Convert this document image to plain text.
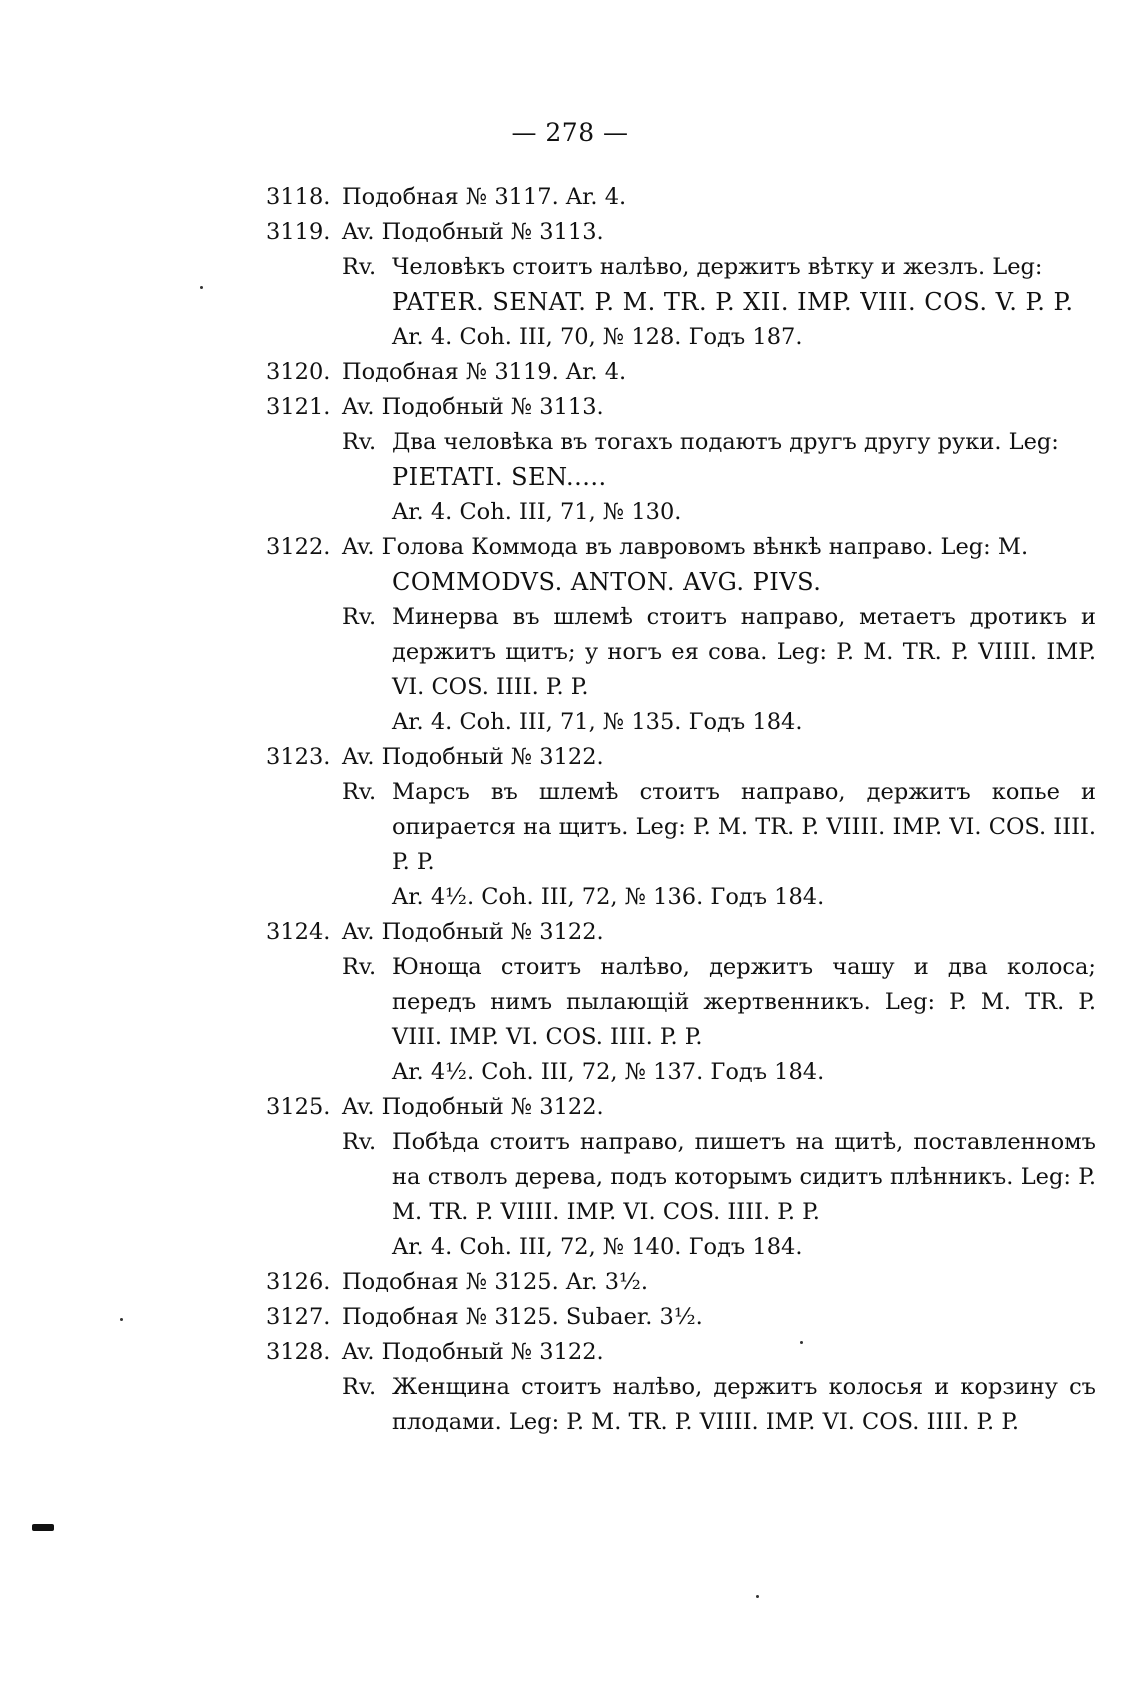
— 278 —
3118. Подобная № 3117. Ar. 4.
3119. Av. Подобный № 3113.
Rv. Человѣкъ стоитъ налѣво, держитъ вѣтку и жезлъ. Leg:
PATER. SENAT. P. M. TR. P. XII. IMP. VIII. COS. V. P. P.
Ar. 4. Coh. III, 70, № 128. Годъ 187.
3120. Подобная № 3119. Ar. 4.
3121. Av. Подобный № 3113.
Rv. Два человѣка въ тогахъ подаютъ другъ другу руки. Leg:
PIETATI. SEN.....
Ar. 4. Coh. III, 71, № 130.
3122. Av. Голова Коммода въ лавровомъ вѣнкѣ направо. Leg: M.
COMMODVS. ANTON. AVG. PIVS.
Rv. Минерва въ шлемѣ стоитъ направо, метаетъ дротикъ и держитъ щитъ; у ногъ ея сова. Leg: P. M. TR. P. VIIII. IMP. VI. COS. IIII. P. P.
Ar. 4. Coh. III, 71, № 135. Годъ 184.
3123. Av. Подобный № 3122.
Rv. Марсъ въ шлемѣ стоитъ направо, держитъ копье и опирается на щитъ. Leg: P. M. TR. P. VIIII. IMP. VI. COS. IIII. P. P.
Ar. 4½. Coh. III, 72, № 136. Годъ 184.
3124. Av. Подобный № 3122.
Rv. Юноща стоитъ налѣво, держитъ чашу и два колоса; передъ нимъ пылающій жертвенникъ. Leg: P. M. TR. P. VIII. IMP. VI. COS. IIII. P. P.
Ar. 4½. Coh. III, 72, № 137. Годъ 184.
3125. Av. Подобный № 3122.
Rv. Побѣда стоитъ направо, пишетъ на щитѣ, поставленномъ на стволъ дерева, подъ которымъ сидитъ плѣнникъ. Leg: P. M. TR. P. VIIII. IMP. VI. COS. IIII. P. P.
Ar. 4. Coh. III, 72, № 140. Годъ 184.
3126. Подобная № 3125. Ar. 3½.
3127. Подобная № 3125. Subaer. 3½.
3128. Av. Подобный № 3122.
Rv. Женщина стоитъ налѣво, держитъ колосья и корзину съ плодами. Leg: P. M. TR. P. VIIII. IMP. VI. COS. IIII. P. P.
